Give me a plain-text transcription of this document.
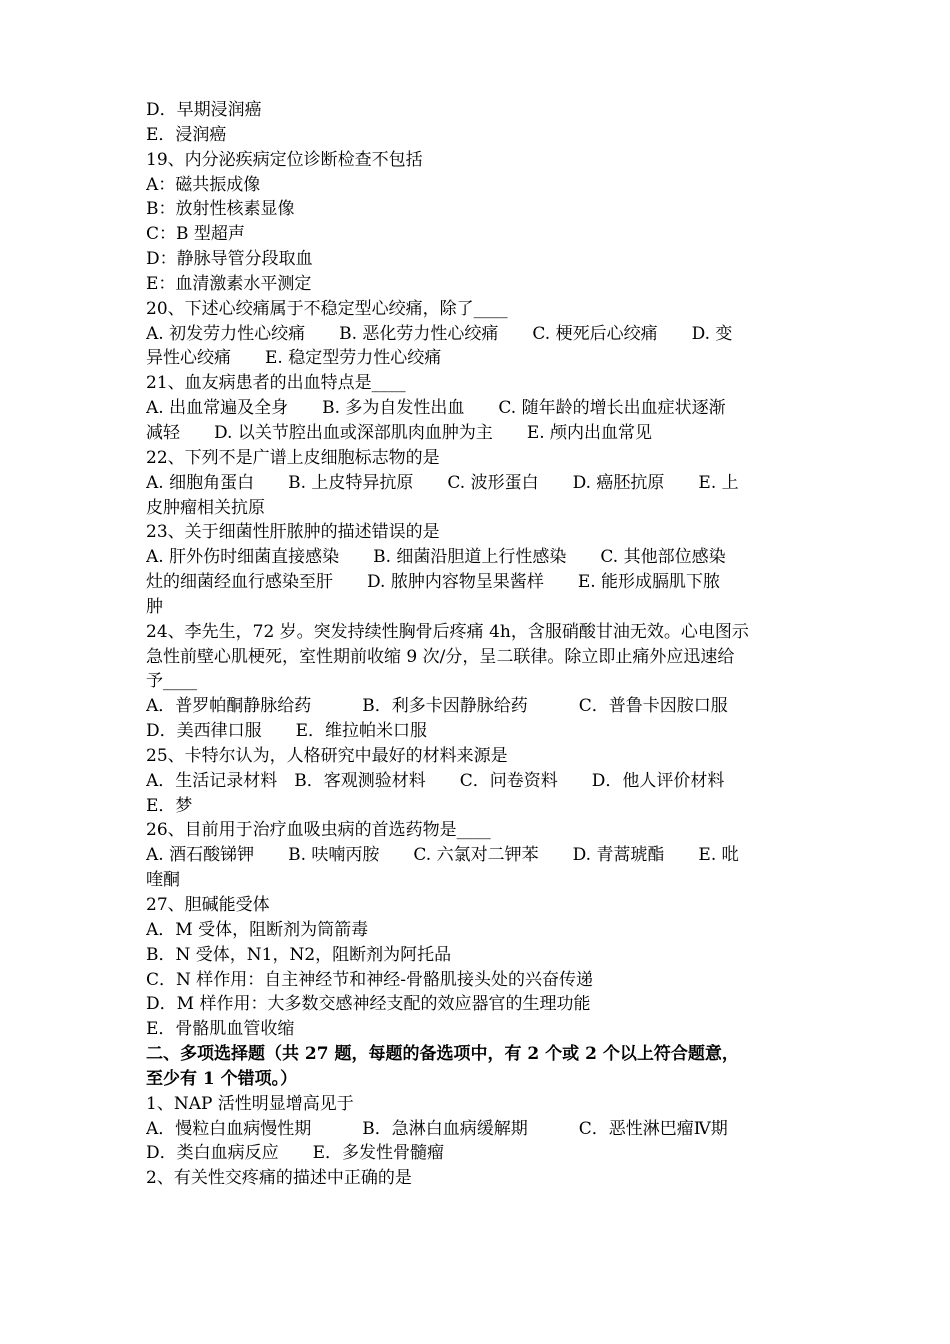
D．早期浸润癌
E．浸润癌
19、内分泌疾病定位诊断检查不包括
A：磁共振成像
B：放射性核素显像
C：B 型超声
D：静脉导管分段取血
E：血清激素水平测定
20、下述心绞痛属于不稳定型心绞痛，除了____
A. 初发劳力性心绞痛　　B. 恶化劳力性心绞痛　　C. 梗死后心绞痛　　D. 变
异性心绞痛　　E. 稳定型劳力性心绞痛
21、血友病患者的出血特点是____
A. 出血常遍及全身　　B. 多为自发性出血　　C. 随年龄的增长出血症状逐渐
减轻　　D. 以关节腔出血或深部肌肉血肿为主　　E. 颅内出血常见
22、下列不是广谱上皮细胞标志物的是
A. 细胞角蛋白　　B. 上皮特异抗原　　C. 波形蛋白　　D. 癌胚抗原　　E. 上
皮肿瘤相关抗原
23、关于细菌性肝脓肿的描述错误的是
A. 肝外伤时细菌直接感染　　B. 细菌沿胆道上行性感染　　C. 其他部位感染
灶的细菌经血行感染至肝　　D. 脓肿内容物呈果酱样　　E. 能形成膈肌下脓
肿
24、李先生，72 岁。突发持续性胸骨后疼痛 4h，含服硝酸甘油无效。心电图示
急性前壁心肌梗死，室性期前收缩 9 次/分，呈二联律。除立即止痛外应迅速给
予____
A．普罗帕酮静脉给药　　　B．利多卡因静脉给药　　　C．普鲁卡因胺口服
D．美西律口服　　E．维拉帕米口服
25、卡特尔认为，人格研究中最好的材料来源是
A．生活记录材料　B．客观测验材料　　C．问卷资料　　D．他人评价材料
E．梦
26、目前用于治疗血吸虫病的首选药物是____
A. 酒石酸锑钾　　B. 呋喃丙胺　　C. 六氯对二钾苯　　D. 青蒿琥酯　　E. 吡
喹酮
27、胆碱能受体
A．M 受体，阻断剂为筒箭毒
B．N 受体，N1，N2，阻断剂为阿托品
C．N 样作用：自主神经节和神经-骨骼肌接头处的兴奋传递
D．M 样作用：大多数交感神经支配的效应器官的生理功能
E．骨骼肌血管收缩
二、多项选择题（共 27 题，每题的备选项中，有 2 个或 2 个以上符合题意，
至少有 1 个错项。）
1、NAP 活性明显增高见于
A．慢粒白血病慢性期　　　B．急淋白血病缓解期　　　C．恶性淋巴瘤Ⅳ期
D．类白血病反应　　E．多发性骨髓瘤
2、有关性交疼痛的描述中正确的是
